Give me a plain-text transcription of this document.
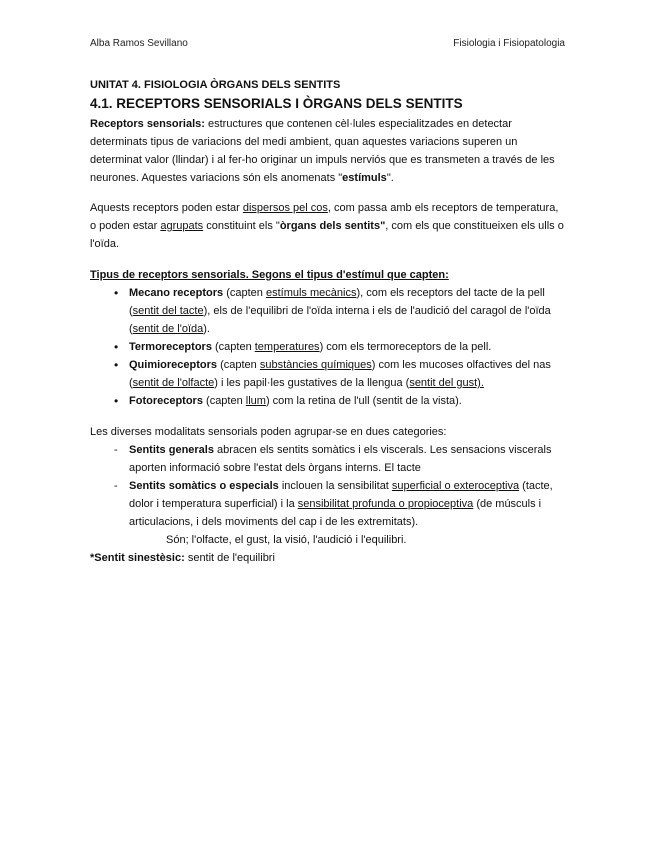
Alba Ramos Sevillano	Fisiologia i Fisiopatologia

UNITAT 4. FISIOLOGIA ÒRGANS DELS SENTITS

4.1. RECEPTORS SENSORIALS I ÒRGANS DELS SENTITS

Receptors sensorials: estructures que contenen cèl·lules especialitzades en detectar determinats tipus de variacions del medi ambient, quan aquestes variacions superen un determinat valor (llindar) i al fer-ho originar un impuls nerviós que es transmeten a través de les neurones. Aquestes variacions són els anomenats "estímuls".

Aquests receptors poden estar dispersos pel cos, com passa amb els receptors de temperatura, o poden estar agrupats constituint els "òrgans dels sentits", com els que constitueixen els ulls o l'oïda.

Tipus de receptors sensorials. Segons el tipus d'estímul que capten:

• Mecano receptors (capten estímuls mecànics), com els receptors del tacte de la pell (sentit del tacte), els de l'equilibri de l'oïda interna i els de l'audició del caragol de l'oïda (sentit de l'oïda).
• Termoreceptors (capten temperatures) com els termoreceptors de la pell.
• Quimioreceptors (capten substàncies químiques) com les mucoses olfactives del nas (sentit de l'olfacte) i les papil·les gustatives de la llengua (sentit del gust).
• Fotoreceptors (capten llum) com la retina de l'ull (sentit de la vista).

Les diverses modalitats sensorials poden agrupar-se en dues categories:

- Sentits generals abracen els sentits somàtics i els viscerals. Les sensacions viscerals aporten informació sobre l'estat dels òrgans interns. El tacte
- Sentits somàtics o especials inclouen la sensibilitat superficial o exteroceptiva (tacte, dolor i temperatura superficial) i la sensibilitat profunda o propioceptiva (de músculs i articulacions, i dels moviments del cap i de les extremitats).

Són; l'olfacte, el gust, la visió, l'audició i l'equilibri.

*Sentit sinestèsic: sentit de l'equilibri
